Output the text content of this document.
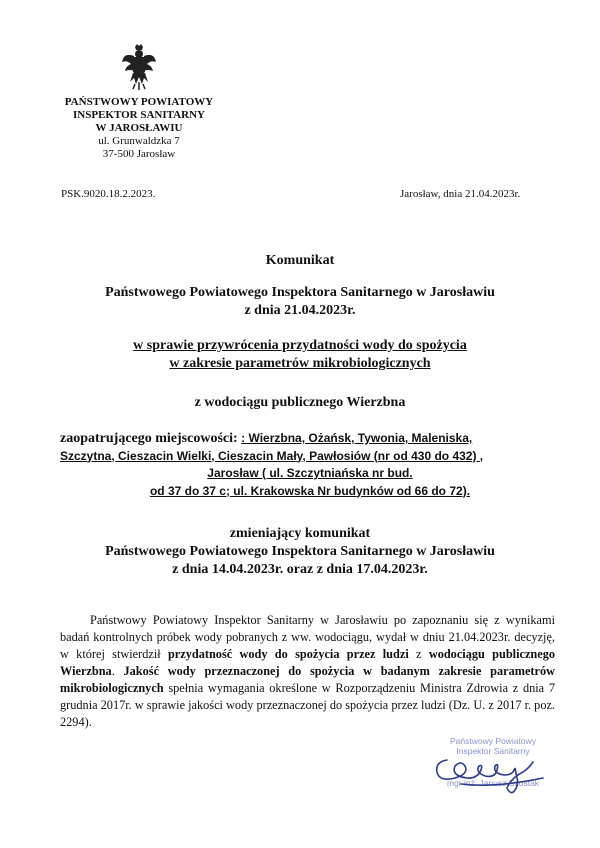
PAŃSTWOWY POWIATOWY
INSPEKTOR SANITARNY
W JAROSŁAWIU
ul. Grunwaldzka 7
37-500 Jarosław
PSK.9020.18.2.2023.	Jarosław, dnia 21.04.2023r.
Komunikat
Państwowego Powiatowego Inspektora Sanitarnego w Jarosławiu
z dnia 21.04.2023r.
w sprawie przywrócenia przydatności wody do spożycia
w zakresie parametrów mikrobiologicznych
z wodociągu publicznego Wierzbna
zaopatrującego miejscowości: : Wierzbna, Ożańsk, Tywonia, Maleniska,
Szczytna, Cieszacin Wielki, Cieszacin Mały, Pawłosiów (nr od 430 do 432) ,
Jarosław ( ul. Szczytniańska nr bud.
od 37 do 37 c; ul. Krakowska Nr budynków od 66 do 72).
zmieniający komunikat
Państwowego Powiatowego Inspektora Sanitarnego w Jarosławiu
z dnia 14.04.2023r. oraz z dnia 17.04.2023r.
Państwowy Powiatowy Inspektor Sanitarny w Jarosławiu po zapoznaniu się z wynikami badań kontrolnych próbek wody pobranych z ww. wodociągu, wydał w dniu 21.04.2023r. decyzję, w której stwierdził przydatność wody do spożycia przez ludzi z wodociągu publicznego Wierzbna. Jakość wody przeznaczonej do spożycia w badanym zakresie parametrów mikrobiologicznych spełnia wymagania określone w Rozporządzeniu Ministra Zdrowia z dnia 7 grudnia 2017r. w sprawie jakości wody przeznaczonej do spożycia przez ludzi (Dz. U. z 2017 r. poz. 2294).
Państwowy Powiatowy
Inspektor Sanitarny
mgr inż. Janusz Szostak
